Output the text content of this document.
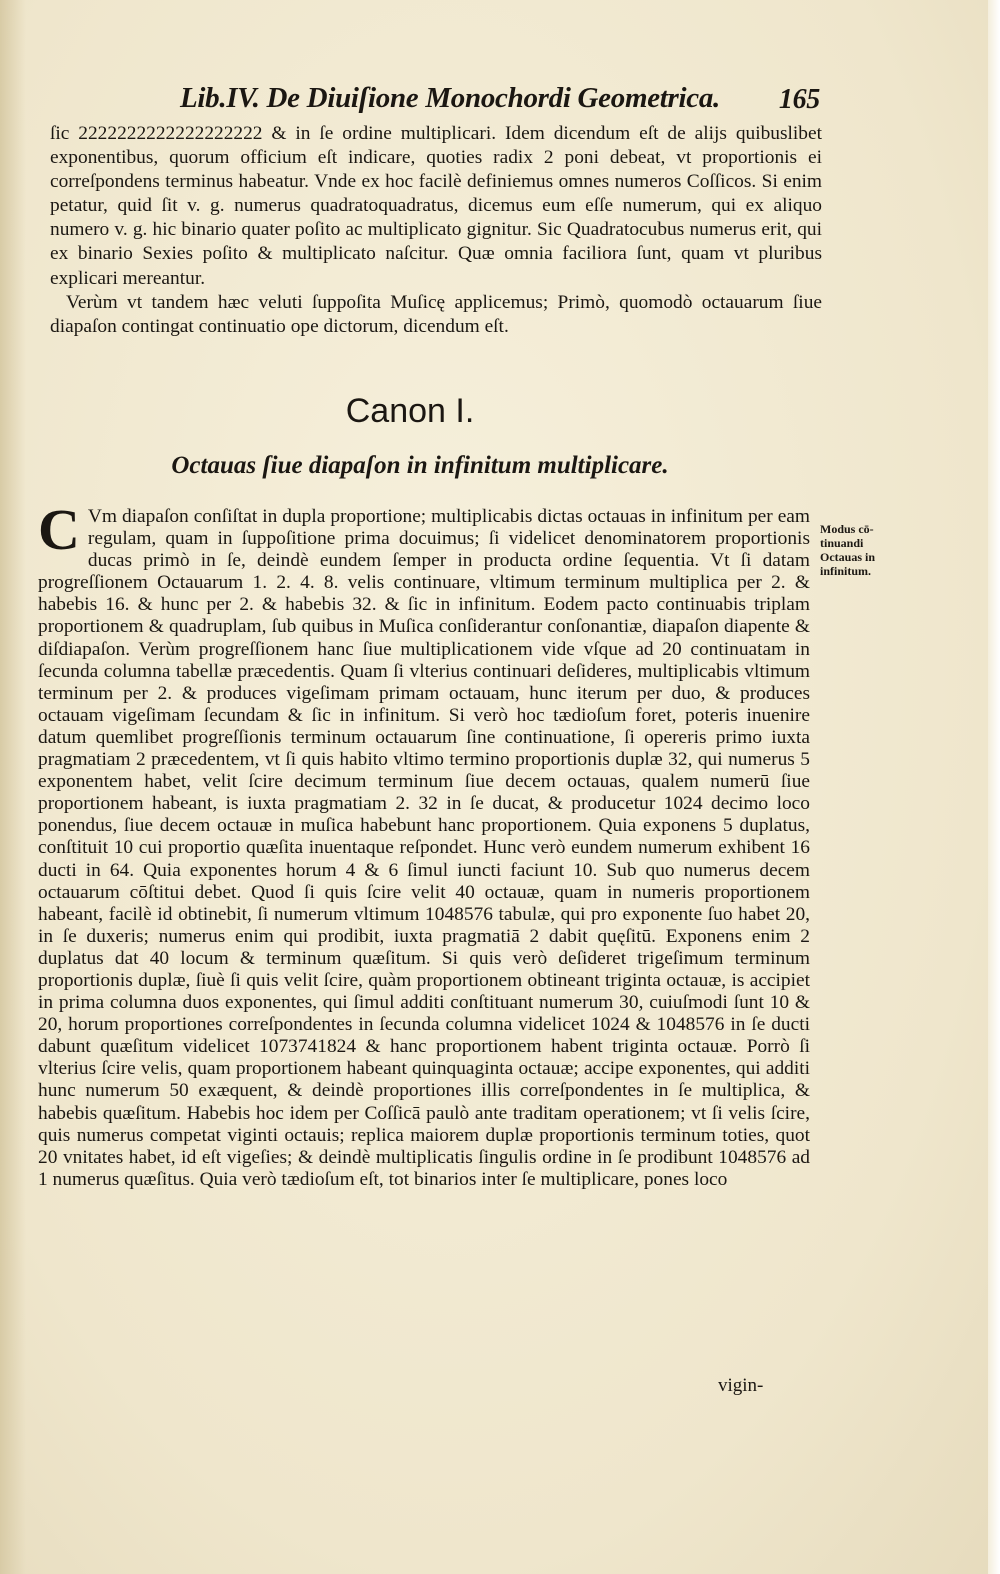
Lib.IV. De Diuiſione Monochordi Geometrica. 165

ſic 2222222222222222222 & in ſe ordine multiplicari. Idem dicendum eſt de alijs quibuslibet exponentibus, quorum officium eſt indicare, quoties radix 2 poni debeat, vt proportionis ei correſpondens terminus habeatur. Vnde ex hoc facilè definiemus omnes numeros Coſſicos. Si enim petatur, quid ſit v. g. numerus quadratoquadratus, dicemus eum eſſe numerum, qui ex aliquo numero v. g. hic binario quater poſito ac multiplicato gignitur. Sic Quadratocubus numerus erit, qui ex binario Sexies poſito & multiplicato naſcitur. Quæ omnia faciliora ſunt, quam vt pluribus explicari mereantur.

Verùm vt tandem hæc veluti ſuppoſita Muſicę applicemus; Primò, quomodò octauarum ſiue diapaſon contingat continuatio ope dictorum, dicendum eſt.

Canon I.
Octauas ſiue diapaſon in infinitum multiplicare.

C Vm diapaſon conſiſtat in dupla proportione; multiplicabis dictas octauas in infinitum per eam regulam, quam in ſuppoſitione prima docuimus; ſi videlicet denominatorem proportionis ducas primò in ſe, deindè eundem ſemper in producta ordine ſequentia. Vt ſi datam progreſſionem Octauarum 1. 2. 4. 8. velis continuare, vltimum terminum multiplica per 2. & habebis 16. & hunc per 2. & habebis 32. & ſic in infinitum. Eodem pacto continuabis triplam proportionem & quadruplam, ſub quibus in Muſica conſiderantur conſonantiæ, diapaſon diapente & diſdiapaſon. Verùm progreſſionem hanc ſiue multiplicationem vide vſque ad 20 continuatam in ſecunda columna tabellæ præcedentis. Quam ſi vlterius continuari deſideres, multiplicabis vltimum terminum per 2. & produces vigeſimam primam octauam, hunc iterum per duo, & produces octauam vigeſimam ſecundam & ſic in infinitum. Si verò hoc tædioſum foret, poteris inuenire datum quemlibet progreſſionis terminum octauarum ſine continuatione, ſi opereris primo iuxta pragmatiam 2 præcedentem, vt ſi quis habito vltimo termino proportionis duplæ 32, qui numerus 5 exponentem habet, velit ſcire decimum terminum ſiue decem octauas, qualem numerū ſiue proportionem habeant, is iuxta pragmatiam 2. 32 in ſe ducat, & producetur 1024 decimo loco ponendus, ſiue decem octauæ in muſica habebunt hanc proportionem. Quia exponens 5 duplatus, conſtituit 10 cui proportio quæſita inuentaque reſpondet. Hunc verò eundem numerum exhibent 16 ducti in 64. Quia exponentes horum 4 & 6 ſimul iuncti faciunt 10. Sub quo numerus decem octauarum cōſtitui debet. Quod ſi quis ſcire velit 40 octauæ, quam in numeris proportionem habeant, facilè id obtinebit, ſi numerum vltimum 1048576 tabulæ, qui pro exponente ſuo habet 20, in ſe duxeris; numerus enim qui prodibit, iuxta pragmatiā 2 dabit quęſitū. Exponens enim 2 duplatus dat 40 locum & terminum quæſitum. Si quis verò deſideret trigeſimum terminum proportionis duplæ, ſiuè ſi quis velit ſcire, quàm proportionem obtineant triginta octauæ, is accipiet in prima columna duos exponentes, qui ſimul additi conſtituant numerum 30, cuiuſmodi ſunt 10 & 20, horum proportiones correſpondentes in ſecunda columna videlicet 1024 & 1048576 in ſe ducti dabunt quæſitum videlicet 1073741824 & hanc proportionem habent triginta octauæ. Porrò ſi vlterius ſcire velis, quam proportionem habeant quinquaginta octauæ; accipe exponentes, qui additi hunc numerum 50 exæquent, & deindè proportiones illis correſpondentes in ſe multiplica, & habebis quæſitum. Habebis hoc idem per Coſſicā paulò ante traditam operationem; vt ſi velis ſcire, quis numerus competat viginti octauis; replica maiorem duplæ proportionis terminum toties, quot 20 vnitates habet, id eſt vigeſies; & deindè multiplicatis ſingulis ordine in ſe prodibunt 1048576 ad 1 numerus quæſitus. Quia verò tædioſum eſt, tot binarios inter ſe multiplicare, pones loco

Modus cō-
tinuandi
Octauas in
infinitum.
vigin-
